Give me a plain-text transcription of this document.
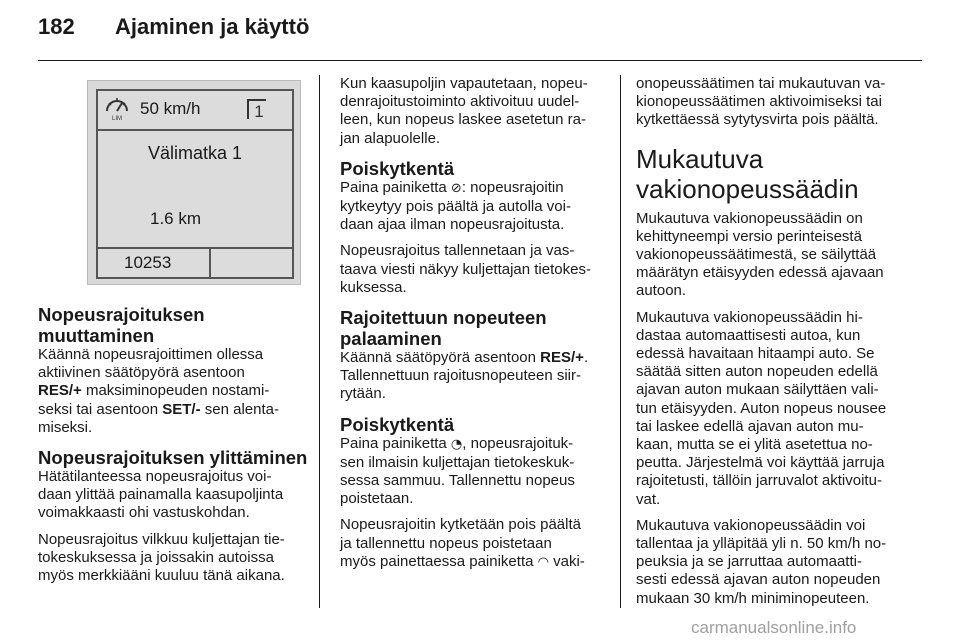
182 Ajaminen ja käyttö
LIM
50 km/h	1
Välimatka 1
1.6 km
10253
Nopeusrajoituksen
muuttaminen

Käännä nopeusrajoittimen ollessa
aktiivinen säätöpyörä asentoon
RES/+ maksiminopeuden nostami-
seksi tai asentoon SET/- sen alenta-
miseksi.

Nopeusrajoituksen ylittäminen

Hätätilanteessa nopeusrajoitus voi-
daan ylittää painamalla kaasupoljinta
voimakkaasti ohi vastuskohdan.

Nopeusrajoitus vilkkuu kuljettajan tie-
tokeskuksessa ja joissakin autoissa
myös merkkiääni kuuluu tänä aikana.

Kun kaasupoljin vapautetaan, nopeu-
denrajoitustoiminto aktivoituu uudel-
leen, kun nopeus laskee asetetun ra-
jan alapuolelle.

Poiskytkentä

Paina painiketta ⊘: nopeusrajoitin
kytkeytyy pois päältä ja autolla voi-
daan ajaa ilman nopeusrajoitusta.

Nopeusrajoitus tallennetaan ja vas-
taava viesti näkyy kuljettajan tietokes-
kuksessa.

Rajoitettuun nopeuteen
palaaminen

Käännä säätöpyörä asentoon RES/+.
Tallennettuun rajoitusnopeuteen siir-
rytään.

Poiskytkentä

Paina painiketta ◔, nopeusrajoituk-
sen ilmaisin kuljettajan tietokeskuk-
sessa sammuu. Tallennettu nopeus
poistetaan.

Nopeusrajoitin kytketään pois päältä
ja tallennettu nopeus poistetaan
myös painettaessa painiketta ◠ vaki-

onopeussäätimen tai mukautuvan va-
kionopeussäätimen aktivoimiseksi tai
kytkettäessä sytytysvirta pois päältä.

Mukautuva
vakionopeussäädin

Mukautuva vakionopeussäädin on
kehittyneempi versio perinteisestä
vakionopeussäätimestä, se säilyttää
määrätyn etäisyyden edessä ajavaan
autoon.

Mukautuva vakionopeussäädin hi-
dastaa automaattisesti autoa, kun
edessä havaitaan hitaampi auto. Se
säätää sitten auton nopeuden edellä
ajavan auton mukaan säilyttäen vali-
tun etäisyyden. Auton nopeus nousee
tai laskee edellä ajavan auton mu-
kaan, mutta se ei ylitä asetettua no-
peutta. Järjestelmä voi käyttää jarruja
rajoitetusti, tällöin jarruvalot aktivoitu-
vat.

Mukautuva vakionopeussäädin voi
tallentaa ja ylläpitää yli n. 50 km/h no-
peuksia ja se jarruttaa automaatti-
sesti edessä ajavan auton nopeuden
mukaan 30 km/h miniminopeuteen.

carmanualsonline.info
